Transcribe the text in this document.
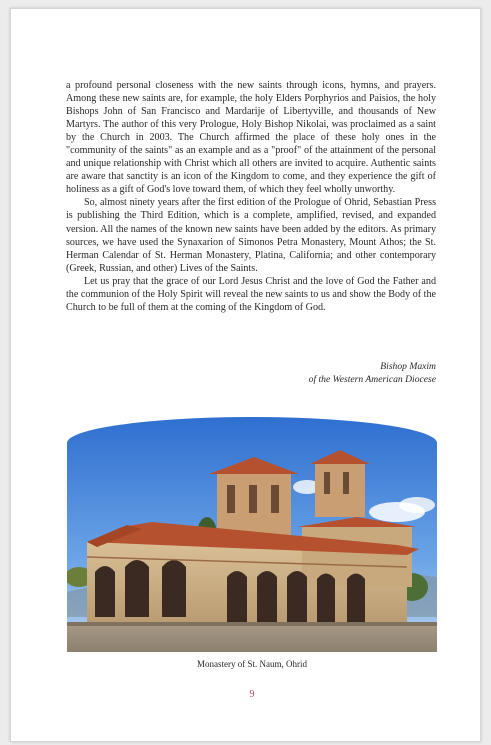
a profound personal closeness with the new saints through icons, hymns, and prayers. Among these new saints are, for example, the holy Elders Porphyrios and Paisios, the holy Bishops John of San Francisco and Mardarije of Libertyville, and thousands of New Martyrs. The author of this very Prologue, Holy Bishop Nikolai, was proclaimed as a saint by the Church in 2003. The Church affirmed the place of these holy ones in the "community of the saints" as an example and as a "proof" of the attainment of the personal and unique relationship with Christ which all others are invited to acquire. Authentic saints are aware that sanctity is an icon of the Kingdom to come, and they experience the gift of holiness as a gift of God's love toward them, of which they feel wholly unworthy.

So, almost ninety years after the first edition of the Prologue of Ohrid, Sebastian Press is publishing the Third Edition, which is a complete, amplified, revised, and expanded version. All the names of the known new saints have been added by the editors. As primary sources, we have used the Synaxarion of Simonos Petra Monastery, Mount Athos; the St. Herman Calendar of St. Herman Monastery, Platina, California; and other contemporary (Greek, Russian, and other) Lives of the Saints.

Let us pray that the grace of our Lord Jesus Christ and the love of God the Father and the communion of the Holy Spirit will reveal the new saints to us and show the Body of the Church to be full of them at the coming of the Kingdom of God.

Bishop Maxim
of the Western American Diocese
Monastery of St. Naum, Ohrid
9
